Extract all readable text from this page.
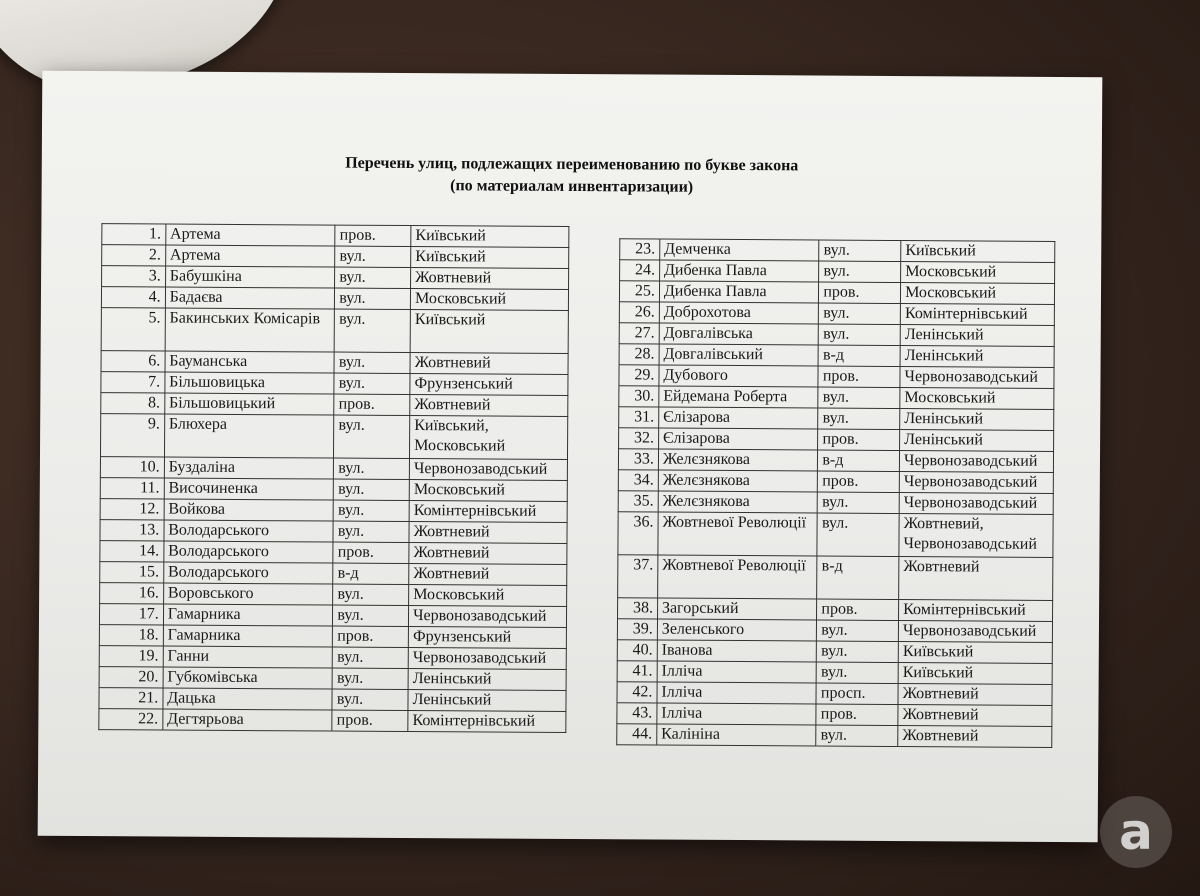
Перечень улиц, подлежащих переименованию по букве закона
(по материалам инвентаризации)
1.	Артема	пров.	Київський
2.	Артема	вул.	Київський
3.	Бабушкіна	вул.	Жовтневий
4.	Бадаєва	вул.	Московський
5.	Бакинських Комісарів	вул.	Київський
6.	Бауманська	вул.	Жовтневий
7.	Більшовицька	вул.	Фрунзенський
8.	Більшовицький	пров.	Жовтневий
9.	Блюхера	вул.	Київський, Московський
10.	Буздаліна	вул.	Червонозаводський
11.	Височиненка	вул.	Московський
12.	Войкова	вул.	Комінтернівський
13.	Володарського	вул.	Жовтневий
14.	Володарського	пров.	Жовтневий
15.	Володарського	в-д	Жовтневий
16.	Воровського	вул.	Московський
17.	Гамарника	вул.	Червонозаводський
18.	Гамарника	пров.	Фрунзенський
19.	Ганни	вул.	Червонозаводський
20.	Губкомівська	вул.	Ленінський
21.	Дацька	вул.	Ленінський
22.	Дегтярьова	пров.	Комінтернівський
23.	Демченка	вул.	Київський
24.	Дибенка Павла	вул.	Московський
25.	Дибенка Павла	пров.	Московський
26.	Доброхотова	вул.	Комінтернівський
27.	Довгалівська	вул.	Ленінський
28.	Довгалівський	в-д	Ленінський
29.	Дубового	пров.	Червонозаводський
30.	Ейдемана Роберта	вул.	Московський
31.	Єлізарова	вул.	Ленінський
32.	Єлізарова	пров.	Ленінський
33.	Желєзнякова	в-д	Червонозаводський
34.	Желєзнякова	пров.	Червонозаводський
35.	Желєзнякова	вул.	Червонозаводський
36.	Жовтневої Революції	вул.	Жовтневий, Червонозаводський
37.	Жовтневої Революції	в-д	Жовтневий
38.	Загорський	пров.	Комінтернівський
39.	Зеленського	вул.	Червонозаводський
40.	Іванова	вул.	Київський
41.	Ілліча	вул.	Київський
42.	Ілліча	просп.	Жовтневий
43.	Ілліча	пров.	Жовтневий
44.	Калініна	вул.	Жовтневий
a
